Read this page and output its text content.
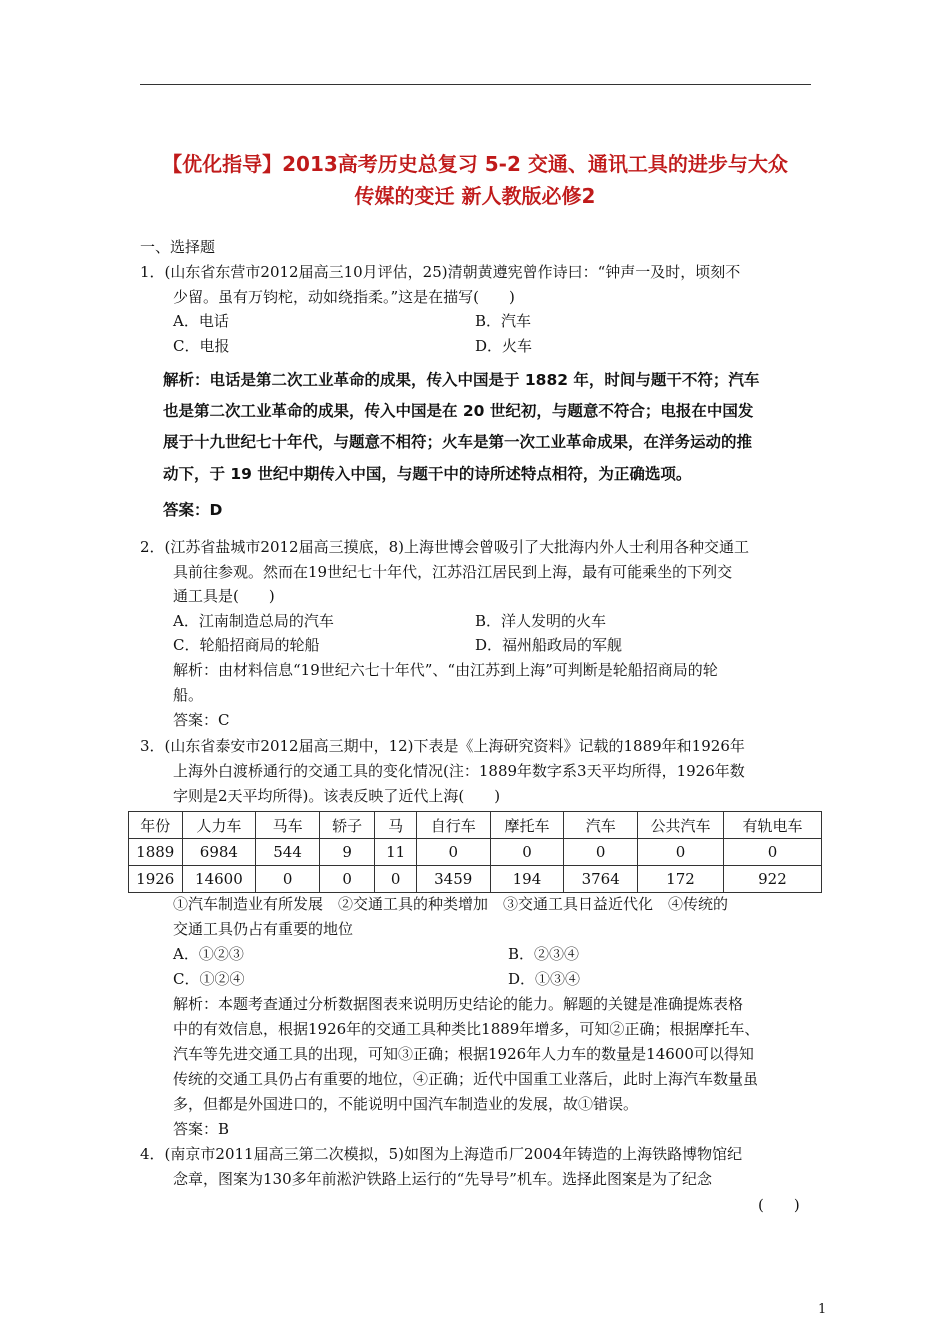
【优化指导】2013高考历史总复习 5-2 交通、通讯工具的进步与大众
传媒的变迁 新人教版必修2
一、选择题
1．(山东省东营市2012届高三10月评估，25)清朝黄遵宪曾作诗曰：“钟声一及时，顷刻不
少留。虽有万钧柁，动如绕指柔。”这是在描写(　　)
A．电话	B．汽车
C．电报	D．火车
解析：电话是第二次工业革命的成果，传入中国是于 1882 年，时间与题干不符；汽车
也是第二次工业革命的成果，传入中国是在 20 世纪初，与题意不符合；电报在中国发
展于十九世纪七十年代，与题意不相符；火车是第一次工业革命成果，在洋务运动的推
动下，于 19 世纪中期传入中国，与题干中的诗所述特点相符，为正确选项。
答案：D
2．(江苏省盐城市2012届高三摸底，8)上海世博会曾吸引了大批海内外人士利用各种交通工
具前往参观。然而在19世纪七十年代，江苏沿江居民到上海，最有可能乘坐的下列交
通工具是(　　)
A．江南制造总局的汽车	B．洋人发明的火车
C．轮船招商局的轮船	D．福州船政局的军舰
解析：由材料信息“19世纪六七十年代”、“由江苏到上海”可判断是轮船招商局的轮
船。
答案：C
3．(山东省泰安市2012届高三期中，12)下表是《上海研究资料》记载的1889年和1926年
上海外白渡桥通行的交通工具的变化情况(注：1889年数字系3天平均所得，1926年数
字则是2天平均所得)。该表反映了近代上海(　　)
年份	人力车	马车	轿子	马	自行车	摩托车	汽车	公共汽车	有轨电车
1889	6984	544	9	11	0	0	0	0	0
1926	14600	0	0	0	3459	194	3764	172	922
①汽车制造业有所发展　②交通工具的种类增加　③交通工具日益近代化　④传统的
交通工具仍占有重要的地位
A．①②③	B．②③④
C．①②④	D．①③④
解析：本题考查通过分析数据图表来说明历史结论的能力。解题的关键是准确提炼表格
中的有效信息，根据1926年的交通工具种类比1889年增多，可知②正确；根据摩托车、
汽车等先进交通工具的出现，可知③正确；根据1926年人力车的数量是14600可以得知
传统的交通工具仍占有重要的地位，④正确；近代中国重工业落后，此时上海汽车数量虽
多，但都是外国进口的，不能说明中国汽车制造业的发展，故①错误。
答案：B
4．(南京市2011届高三第二次模拟，5)如图为上海造币厂2004年铸造的上海铁路博物馆纪
念章，图案为130多年前淞沪铁路上运行的“先导号”机车。选择此图案是为了纪念
(　　)
1
